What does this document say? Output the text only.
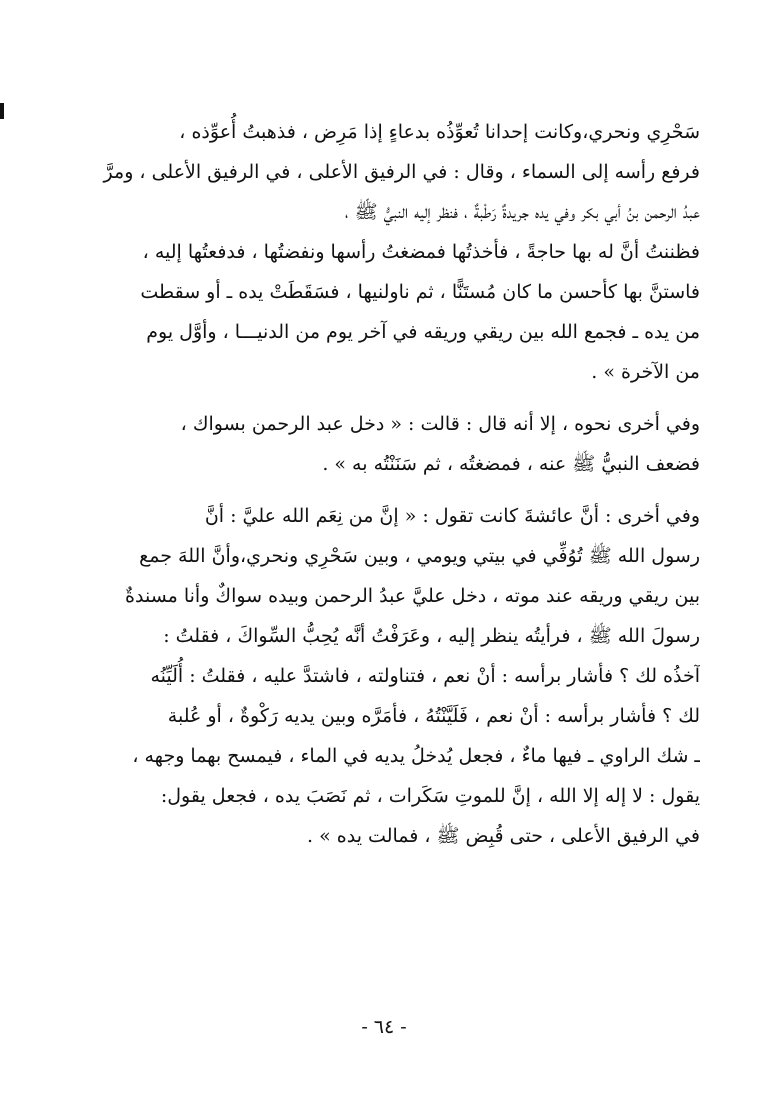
سَحْرِي ونحري،وكانت إحدانا تُعوِّذُه بدعاءٍ إذا مَرِض ، فذهبتُ أُعوِّذه ،
فرفع رأسه إلى السماء ، وقال : في الرفيق الأعلى ، في الرفيق الأعلى ، ومرَّ
عبدُ الرحمن بنُ أبي بكر وفي يده جريدةٌ رَطْبةٌ ، فنظر إليه النبيُّ ﷺ ،
فظننتُ أنَّ له بها حاجةً ، فأخذتُها فمضغتُ رأسها ونفضتُها ، فدفعتُها إليه ،
فاستنَّ بها كأحسن ما كان مُستَنًّا ، ثم ناولنيها ، فسَقَطَتْ يده ـ أو سقطت
من يده ـ فجمع الله بين ريقي وريقه في آخر يوم من الدنيـــا ، وأوَّل يوم
من الآخرة » .
وفي أخرى نحوه ، إلا أنه قال : قالت : « دخل عبد الرحمن بسواك ،
فضعف النبيُّ ﷺ عنه ، فمضغتُه ، ثم سَنَنْتُه به » .
وفي أخرى : أنَّ عائشةَ كانت تقول : « إنَّ من نِعَم الله عليَّ : أنَّ
رسول الله ﷺ تُوُفِّي في بيتي ويومي ، وبين سَحْرِي ونحري،وأنَّ اللهَ جمع
بين ريقي وريقه عند موته ، دخل عليَّ عبدُ الرحمن وبيده سواكٌ وأنا مسندةٌ
رسولَ الله ﷺ ، فرأيتُه ينظر إليه ، وعَرَفْتُ أنَّه يُحِبُّ السِّواكَ ، فقلتُ :
آخذُه لك ؟ فأشار برأسه : أنْ نعم ، فتناولته ، فاشتدَّ عليه ، فقلتُ : أُلَيِّنُه
لك ؟ فأشار برأسه : أنْ نعم ، فَلَيَّنْتُهُ ، فأمَرَّه وبين يديه رَكْوةٌ ، أو عُلبة
ـ شك الراوي ـ فيها ماءٌ ، فجعل يُدخلُ يديه في الماء ، فيمسح بهما وجهه ،
يقول : لا إله إلا الله ، إنَّ للموتِ سَكَرات ، ثم نَصَبَ يده ، فجعل يقول:
في الرفيق الأعلى ، حتى قُبِض ﷺ ، فمالت يده » .
- ٦٤ -
